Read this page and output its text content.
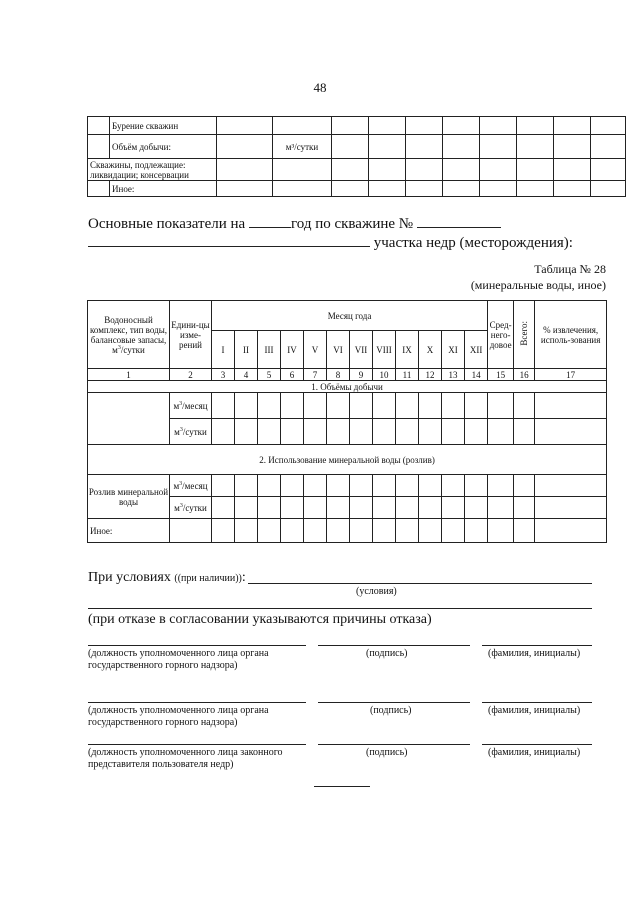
48
	Бурение скважин										
	Объём добычи:		м³/сутки								
Скважины, подлежащие: ликвидации; консервации											
	Иное:										
Основные показатели на	год по скважине №
участка недр (месторождения):
Таблица № 28
(минеральные воды, иное)
Водоносный комплекс, тип воды, балансовые запасы, $м^3$/сутки	Едини-цы изме-рений	Месяц года												Сред-него-довое	Всего:	% извлечения, исполь-зования
		I	II	III	IV	V	VI	VII	VIII	IX	X	XI	XII			
1	2	3	4	5	6	7	8	9	10	11	12	13	14	15	16	17
1. Объёмы добычи																
	$м^3$/месяц															
	$м^3$/сутки															
2. Использование минеральной воды (розлив)																
Розлив минеральной воды	$м^3$/месяц															
	$м^3$/сутки															
Иное:																
При условиях ((при наличии)):
(условия)
(при отказе в согласовании указываются причины отказа)
(должность уполномоченного лица органа государственного горного надзора)
(подпись)	(фамилия, инициалы)
(должность уполномоченного лица органа государственного горного надзора)
(подпись)	(фамилия, инициалы)
(должность уполномоченного лица законного представителя пользователя недр)
(подпись)	(фамилия, инициалы)
